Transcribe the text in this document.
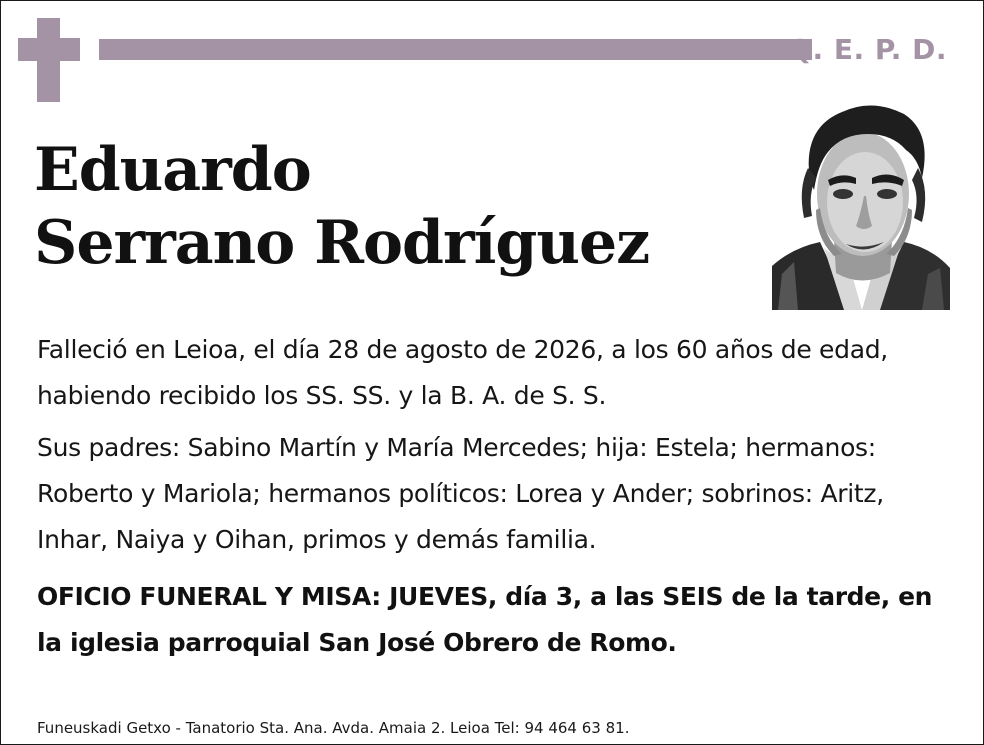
Q. E. P. D.
Eduardo
Serrano Rodríguez

Falleció en Leioa, el día 28 de agosto de 2026, a los 60 años de edad, habiendo recibido los SS. SS. y la B. A. de S. S.

Sus padres: Sabino Martín y María Mercedes; hija: Estela; hermanos: Roberto y Mariola; hermanos políticos: Lorea y Ander; sobrinos: Aritz, Inhar, Naiya y Oihan, primos y demás familia.

OFICIO FUNERAL Y MISA: JUEVES, día 3, a las SEIS de la tarde, en la iglesia parroquial San José Obrero de Romo.

Funeuskadi Getxo - Tanatorio Sta. Ana. Avda. Amaia 2. Leioa Tel: 94 464 63 81.
